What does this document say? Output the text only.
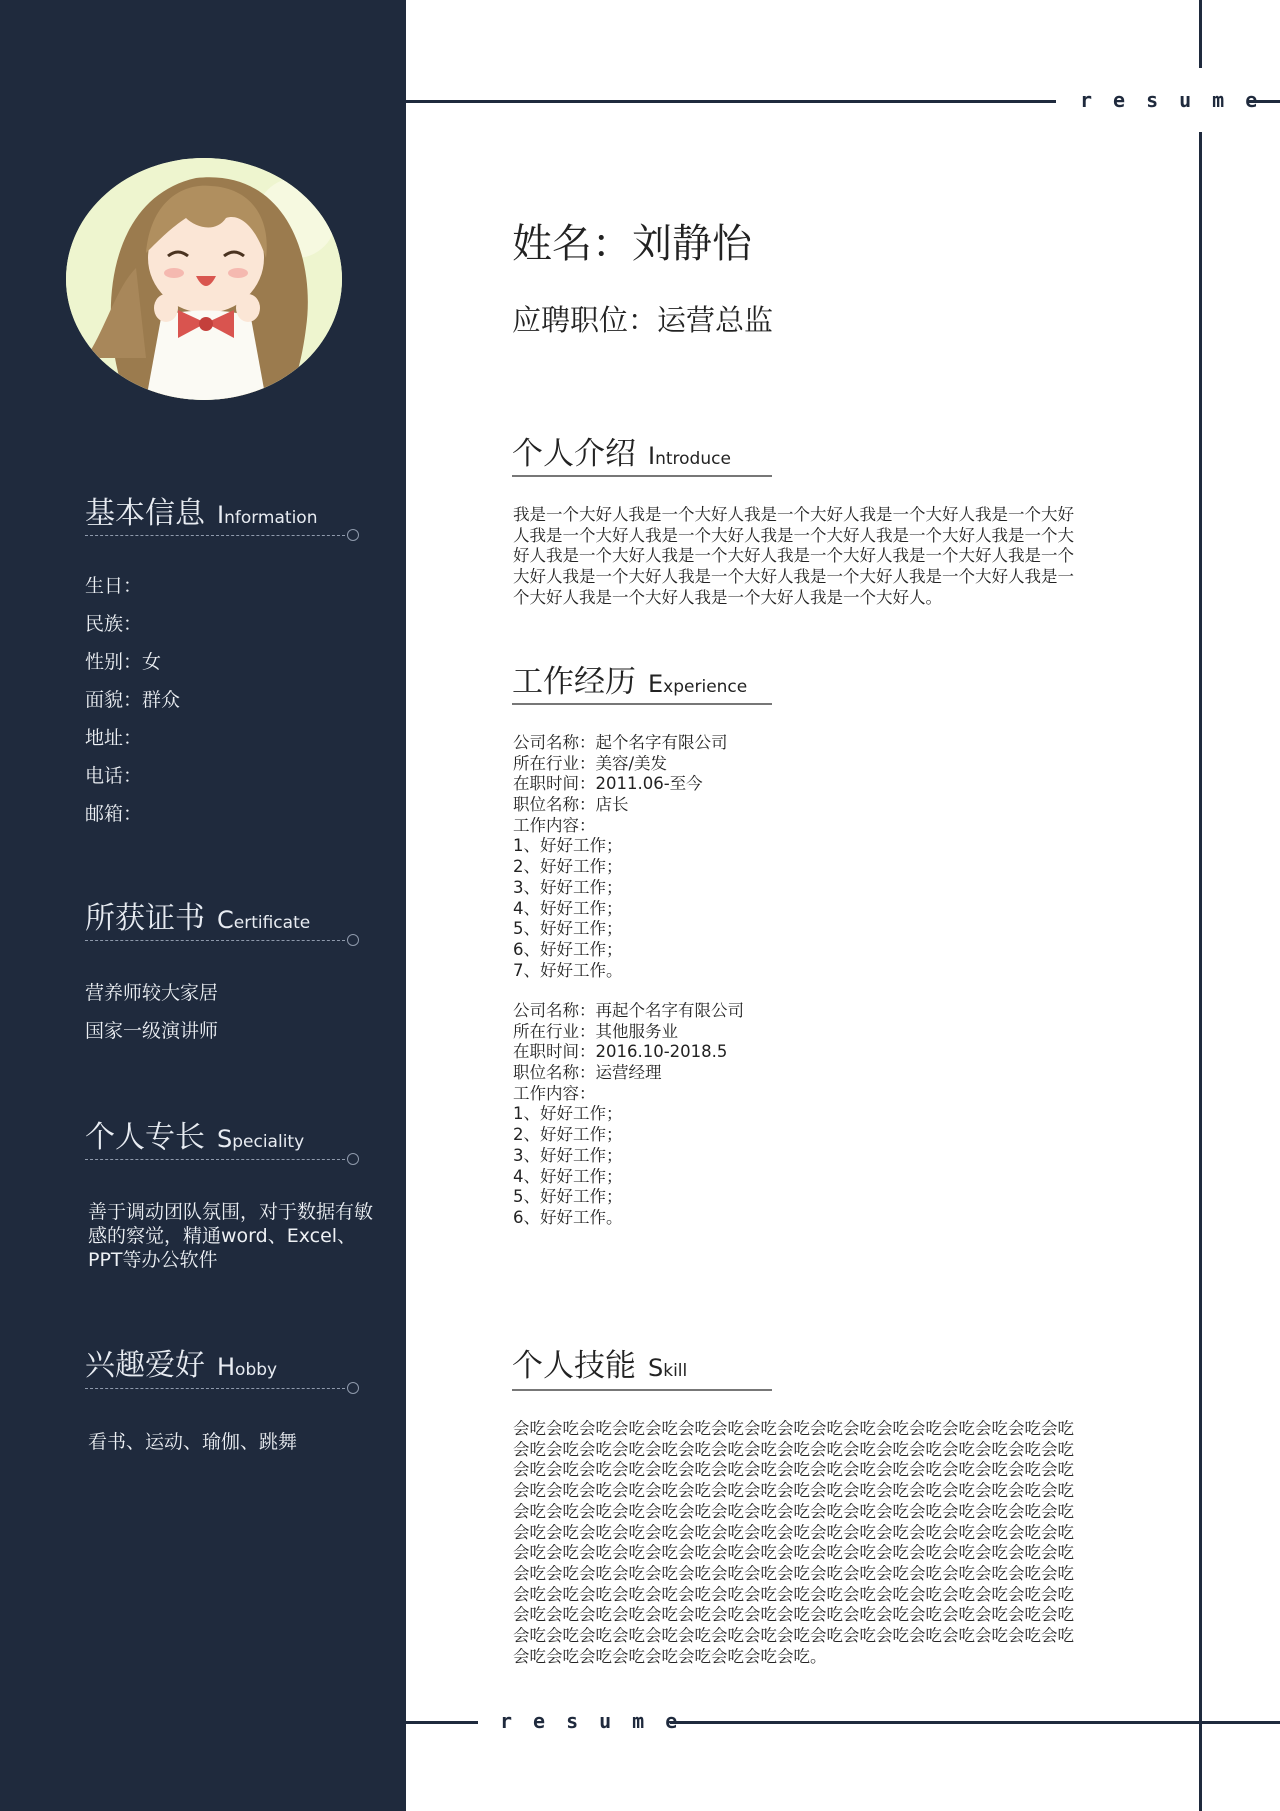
基本信息 Information
生日：
民族：
性别：女
面貌：群众
地址：
电话：
邮箱：
所获证书 Certificate
营养师较大家居
国家一级演讲师
个人专长 Speciality
善于调动团队氛围，对于数据有敏感的察觉，精通word、Excel、PPT等办公软件
兴趣爱好 Hobby
看书、运动、瑜伽、跳舞
resume
resume
姓名：刘静怡
应聘职位：运营总监
个人介绍 Introduce
我是一个大好人我是一个大好人我是一个大好人我是一个大好人我是一个大好人我是一个大好人我是一个大好人我是一个大好人我是一个大好人我是一个大好人我是一个大好人我是一个大好人我是一个大好人我是一个大好人我是一个大好人我是一个大好人我是一个大好人我是一个大好人我是一个大好人我是一个大好人我是一个大好人我是一个大好人我是一个大好人。
工作经历 Experience
公司名称：起个名字有限公司
所在行业：美容/美发
在职时间：2011.06-至今
职位名称：店长
工作内容：
1、好好工作；
2、好好工作；
3、好好工作；
4、好好工作；
5、好好工作；
6、好好工作；
7、好好工作。
公司名称：再起个名字有限公司
所在行业：其他服务业
在职时间：2016.10-2018.5
职位名称：运营经理
工作内容：
1、好好工作；
2、好好工作；
3、好好工作；
4、好好工作；
5、好好工作；
6、好好工作。
个人技能 Skill
会吃会吃会吃会吃会吃会吃会吃会吃会吃会吃会吃会吃会吃会吃会吃会吃会吃会吃会吃会吃会吃会吃会吃会吃会吃会吃会吃会吃会吃会吃会吃会吃会吃会吃会吃会吃会吃会吃会吃会吃会吃会吃会吃会吃会吃会吃会吃会吃会吃会吃会吃会吃会吃会吃会吃会吃会吃会吃会吃会吃会吃会吃会吃会吃会吃会吃会吃会吃会吃会吃会吃会吃会吃会吃会吃会吃会吃会吃会吃会吃会吃会吃会吃会吃会吃会吃会吃会吃会吃会吃会吃会吃会吃会吃会吃会吃会吃会吃会吃会吃会吃会吃会吃会吃会吃会吃会吃会吃会吃会吃会吃会吃会吃会吃会吃会吃会吃会吃会吃会吃会吃会吃会吃会吃会吃会吃会吃会吃会吃会吃会吃会吃会吃会吃会吃会吃会吃会吃会吃会吃会吃会吃会吃会吃会吃会吃会吃会吃会吃会吃会吃会吃会吃会吃会吃会吃会吃会吃会吃会吃会吃会吃会吃会吃会吃会吃会吃会吃会吃会吃会吃会吃会吃会吃会吃会吃会吃会吃会吃会吃会吃会吃会吃会吃会吃会吃会吃会吃会吃会吃会吃会吃会吃会吃会吃会吃。
